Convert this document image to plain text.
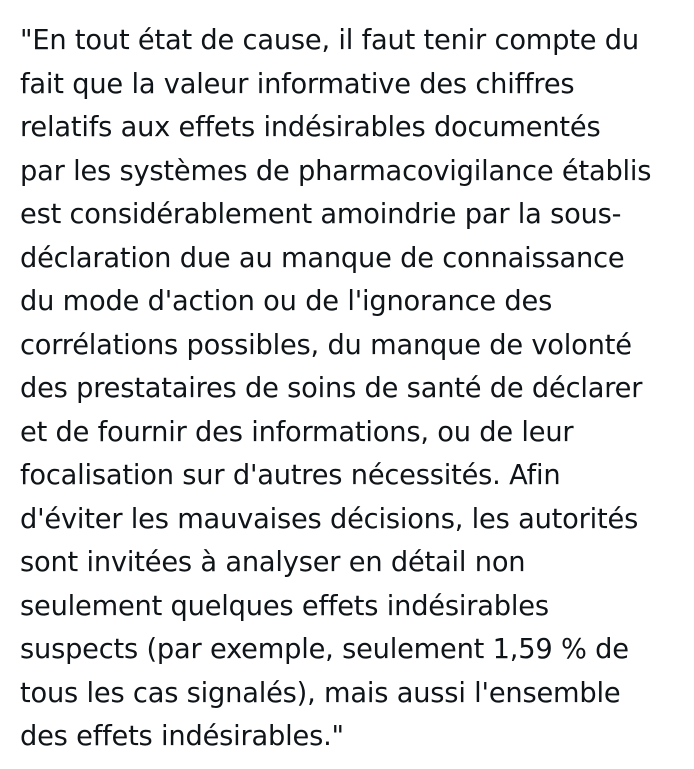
"En tout état de cause, il faut tenir compte du
fait que la valeur informative des chiffres
relatifs aux effets indésirables documentés
par les systèmes de pharmacovigilance établis
est considérablement amoindrie par la sous-
déclaration due au manque de connaissance
du mode d'action ou de l'ignorance des
corrélations possibles, du manque de volonté
des prestataires de soins de santé de déclarer
et de fournir des informations, ou de leur
focalisation sur d'autres nécessités. Afin
d'éviter les mauvaises décisions, les autorités
sont invitées à analyser en détail non
seulement quelques effets indésirables
suspects (par exemple, seulement 1,59 % de
tous les cas signalés), mais aussi l'ensemble
des effets indésirables."
